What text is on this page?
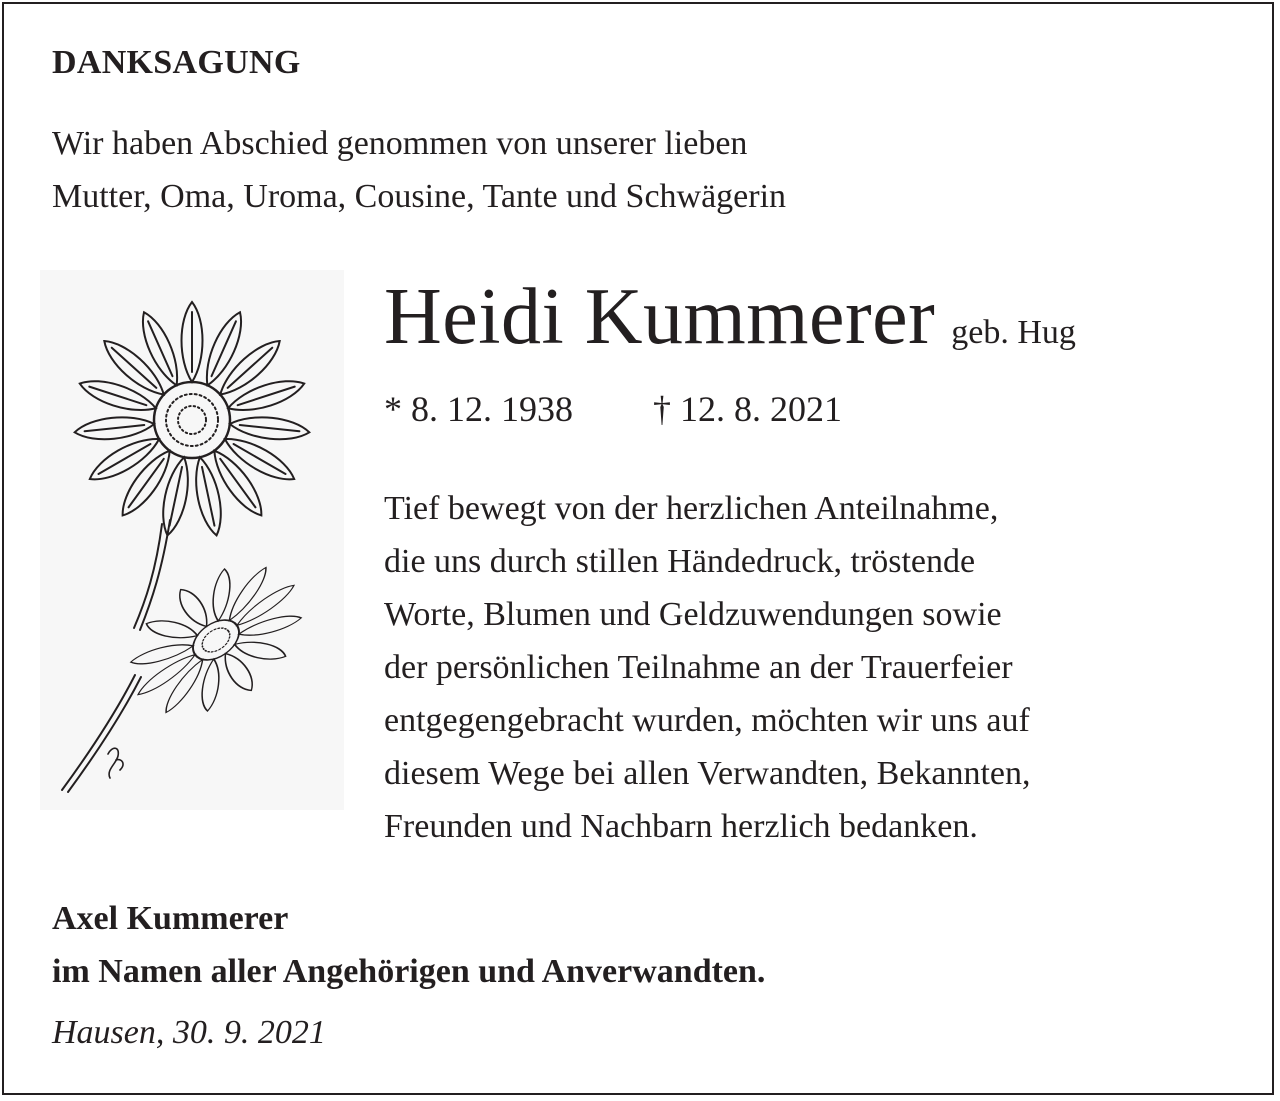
DANKSAGUNG
Wir haben Abschied genommen von unserer lieben
Mutter, Oma, Uroma, Cousine, Tante und Schwägerin
Heidi Kummerer geb. Hug
* 8. 12. 1938 † 12. 8. 2021
Tief bewegt von der herzlichen Anteilnahme,
die uns durch stillen Händedruck, tröstende
Worte, Blumen und Geldzuwendungen sowie
der persönlichen Teilnahme an der Trauerfeier
entgegengebracht wurden, möchten wir uns auf
diesem Wege bei allen Verwandten, Bekannten,
Freunden und Nachbarn herzlich bedanken.
Axel Kummerer
im Namen aller Angehörigen und Anverwandten.
Hausen, 30. 9. 2021
